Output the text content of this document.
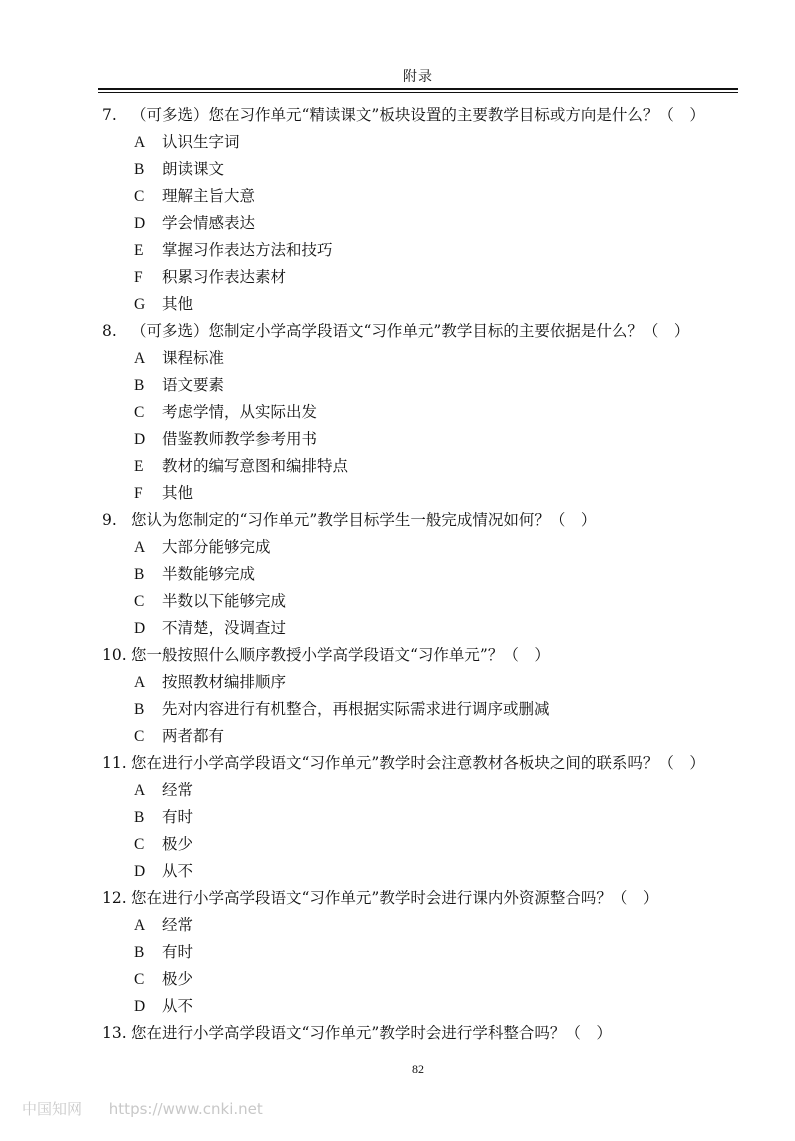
附录
7. （可多选）您在习作单元“精读课文”板块设置的主要教学目标或方向是什么？（　）
A 认识生字词
B 朗读课文
C 理解主旨大意
D 学会情感表达
E 掌握习作表达方法和技巧
F 积累习作表达素材
G 其他
8. （可多选）您制定小学高学段语文“习作单元”教学目标的主要依据是什么？（　）
A 课程标准
B 语文要素
C 考虑学情，从实际出发
D 借鉴教师教学参考用书
E 教材的编写意图和编排特点
F 其他
9. 您认为您制定的“习作单元”教学目标学生一般完成情况如何？（　）
A 大部分能够完成
B 半数能够完成
C 半数以下能够完成
D 不清楚，没调查过
10. 您一般按照什么顺序教授小学高学段语文“习作单元”？（　）
A 按照教材编排顺序
B 先对内容进行有机整合，再根据实际需求进行调序或删减
C 两者都有
11. 您在进行小学高学段语文“习作单元”教学时会注意教材各板块之间的联系吗？（　）
A 经常
B 有时
C 极少
D 从不
12. 您在进行小学高学段语文“习作单元”教学时会进行课内外资源整合吗？（　）
A 经常
B 有时
C 极少
D 从不
13. 您在进行小学高学段语文“习作单元”教学时会进行学科整合吗？（　）
82
中国知网 https://www.cnki.net
